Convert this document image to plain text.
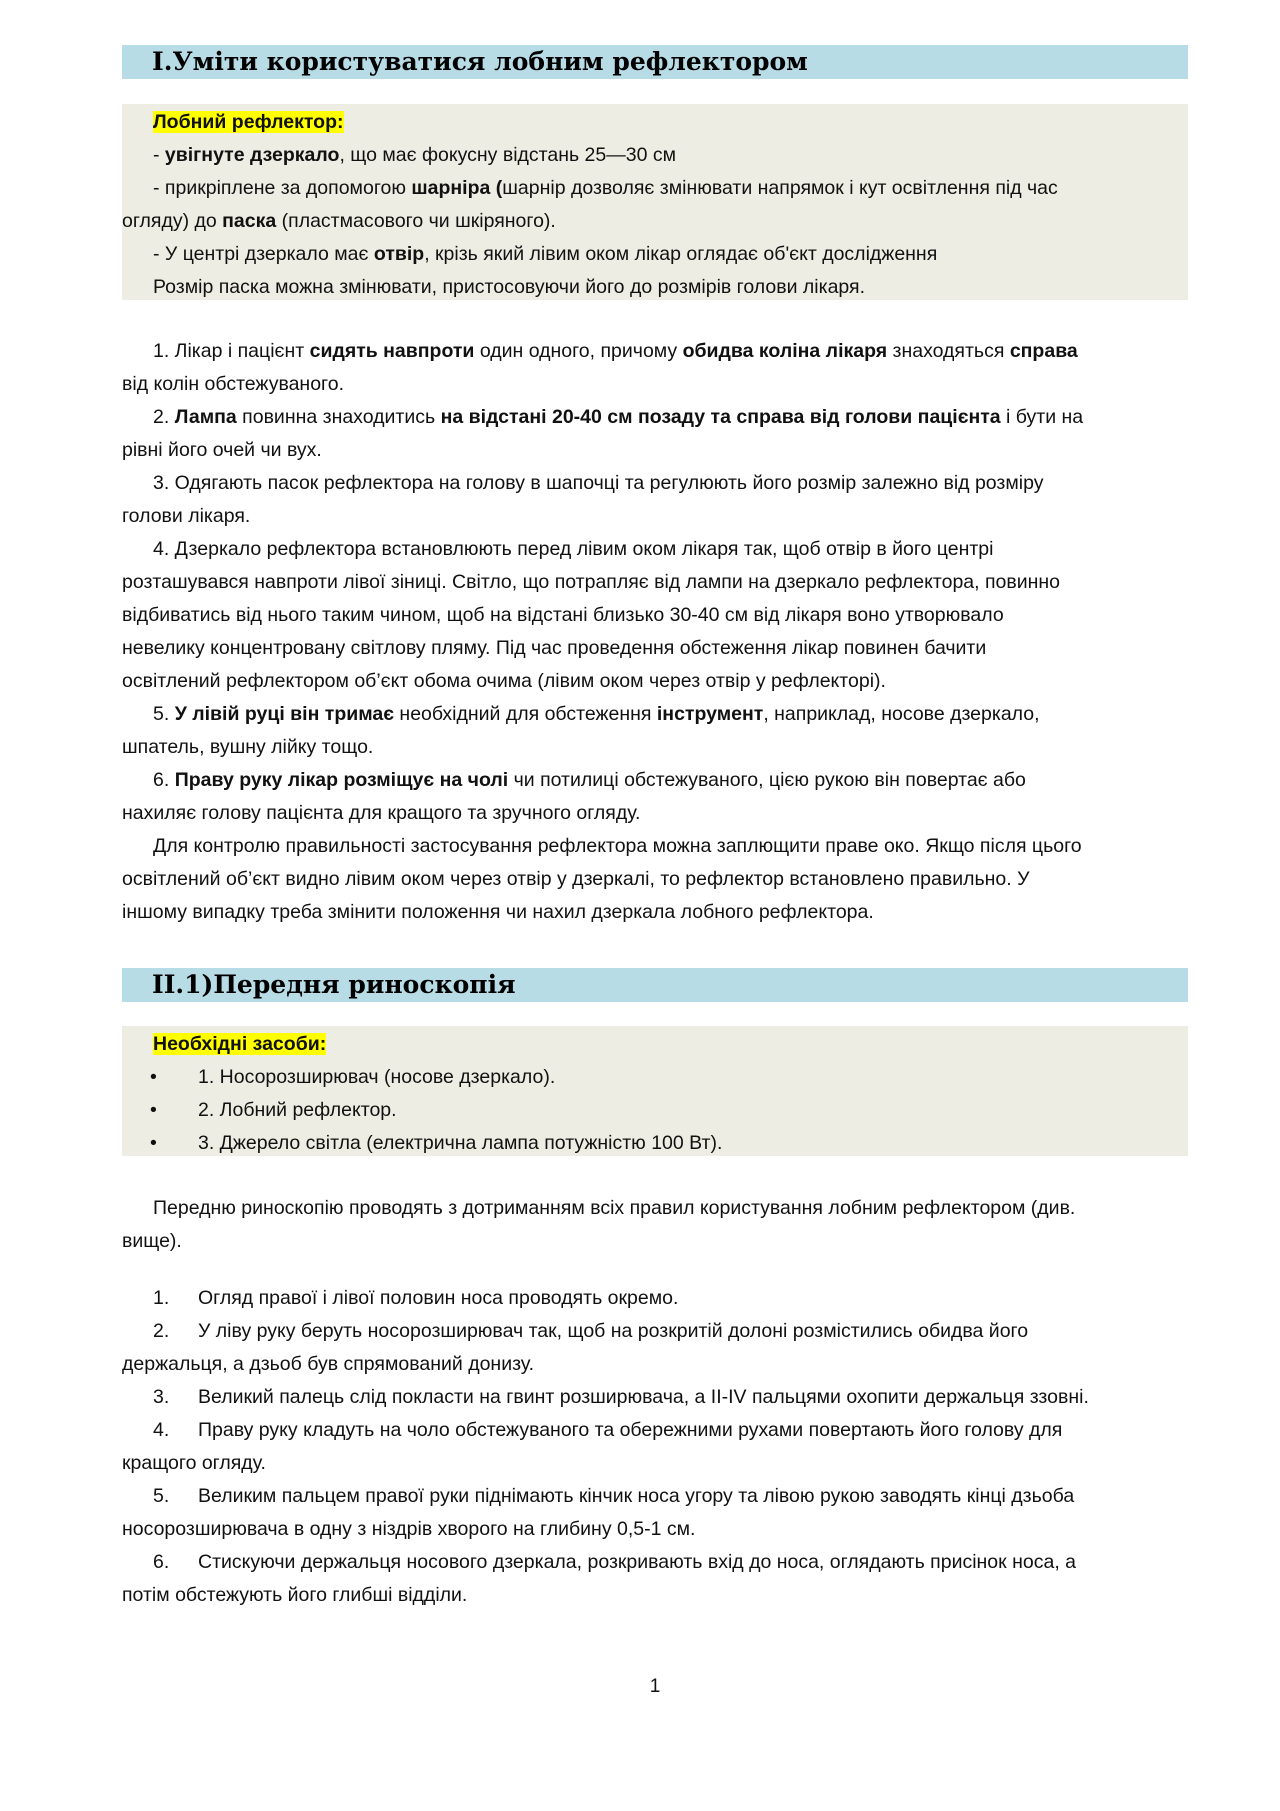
I.Уміти користуватися лобним рефлектором
Лобний рефлектор:
- увігнуте дзеркало, що має фокусну відстань 25—30 см
- прикріплене за допомогою шарніра (шарнір дозволяє змінювати напрямок і кут освітлення під час
огляду) до паска (пластмасового чи шкіряного).
- У центрі дзеркало має отвір, крізь який лівим оком лікар оглядає об'єкт дослідження
Розмір паска можна змінювати, пристосовуючи його до розмірів голови лікаря.
1. Лікар і пацієнт сидять навпроти один одного, причому обидва коліна лікаря знаходяться справа
від колін обстежуваного.
2. Лампа повинна знаходитись на відстані 20-40 см позаду та справа від голови пацієнта і бути на
рівні його очей чи вух.
3. Одягають пасок рефлектора на голову в шапочці та регулюють його розмір залежно від розміру
голови лікаря.
4. Дзеркало рефлектора встановлюють перед лівим оком лікаря так, щоб отвір в його центрі
розташувався навпроти лівої зіниці. Світло, що потрапляє від лампи на дзеркало рефлектора, повинно
відбиватись від нього таким чином, щоб на відстані близько 30-40 см від лікаря воно утворювало
невелику концентровану світлову пляму. Під час проведення обстеження лікар повинен бачити
освітлений рефлектором об’єкт обома очима (лівим оком через отвір у рефлекторі).
5. У лівій руці він тримає необхідний для обстеження інструмент, наприклад, носове дзеркало,
шпатель, вушну лійку тощо.
6. Праву руку лікар розміщує на чолі чи потилиці обстежуваного, цією рукою він повертає або
нахиляє голову пацієнта для кращого та зручного огляду.
Для контролю правильності застосування рефлектора можна заплющити праве око. Якщо після цього
освітлений об’єкт видно лівим оком через отвір у дзеркалі, то рефлектор встановлено правильно. У
іншому випадку треба змінити положення чи нахил дзеркала лобного рефлектора.
II.1)Передня риноскопія
Необхідні засоби:
• 1. Носорозширювач (носове дзеркало).
• 2. Лобний рефлектор.
• 3. Джерело світла (електрична лампа потужністю 100 Вт).
Передню риноскопію проводять з дотриманням всіх правил користування лобним рефлектором (див.
вище).
1. Огляд правої і лівої половин носа проводять окремо.
2. У ліву руку беруть носорозширювач так, щоб на розкритій долоні розмістились обидва його
держальця, а дзьоб був спрямований донизу.
3. Великий палець слід покласти на гвинт розширювача, а II-IV пальцями охопити держальця ззовні.
4. Праву руку кладуть на чоло обстежуваного та обережними рухами повертають його голову для
кращого огляду.
5. Великим пальцем правої руки піднімають кінчик носа угору та лівою рукою заводять кінці дзьоба
носорозширювача в одну з ніздрів хворого на глибину 0,5-1 см.
6. Стискуючи держальця носового дзеркала, розкривають вхід до носа, оглядають присінок носа, а
потім обстежують його глибші відділи.
1
